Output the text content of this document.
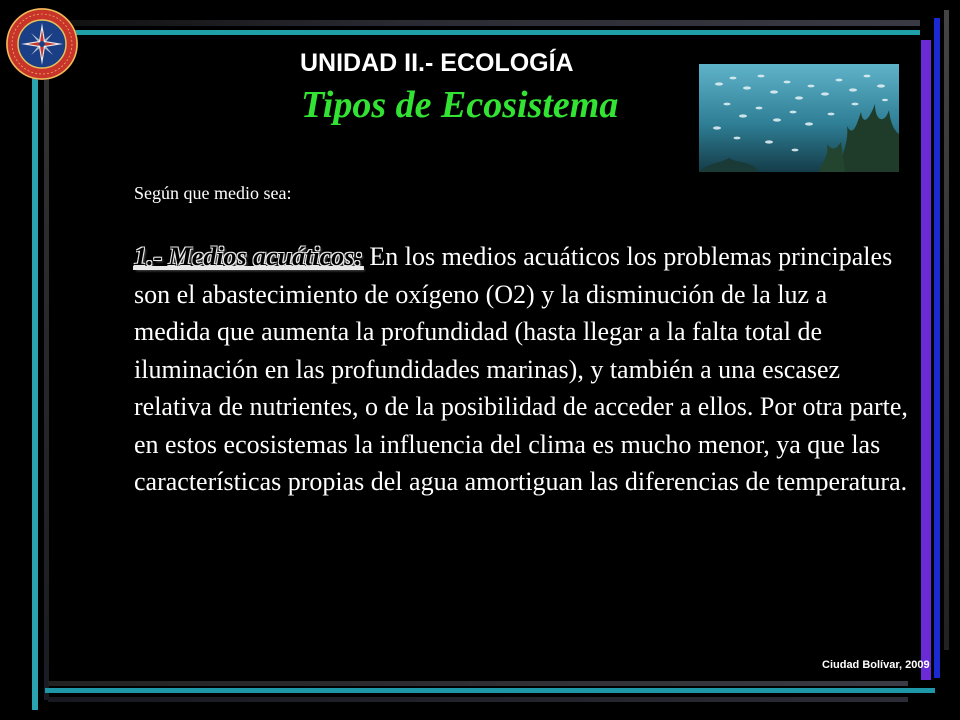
UNIDAD II.- ECOLOGÍA
Tipos de Ecosistema
Según que medio sea:
1.- Medios acuáticos: En los medios acuáticos los problemas principales son el abastecimiento de oxígeno (O2) y la disminución de la luz a medida que aumenta la profundidad (hasta llegar a la falta total de iluminación en las profundidades marinas), y también a una escasez relativa de nutrientes, o de la posibilidad de acceder a ellos. Por otra parte, en estos ecosistemas la influencia del clima es mucho menor, ya que las características propias del agua amortiguan las diferencias de temperatura.
Ciudad Bolívar, 2009
